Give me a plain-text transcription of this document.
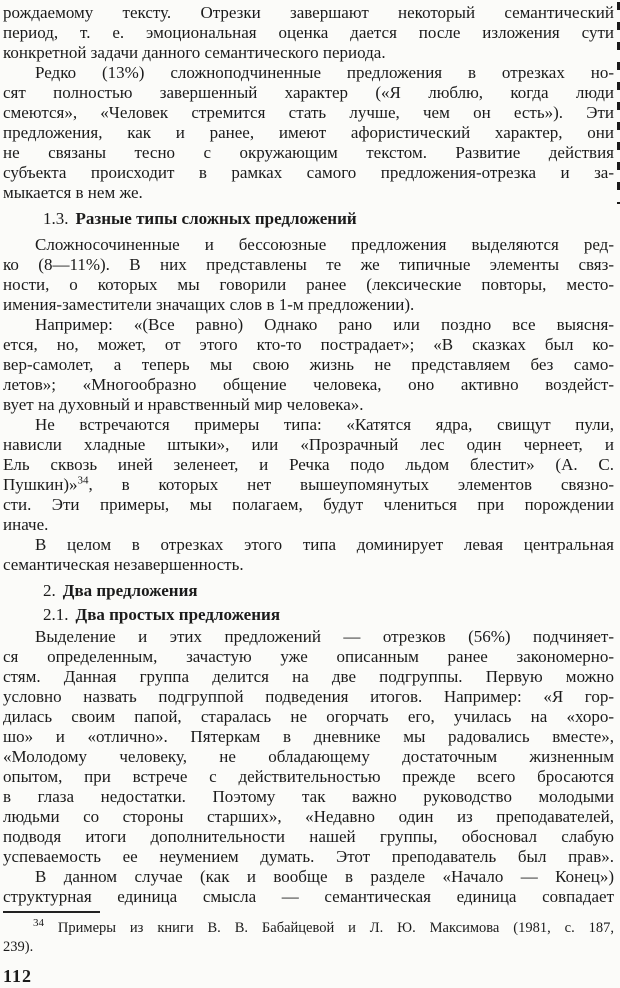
рождаемому тексту. Отрезки завершают некоторый семантический
период, т. е. эмоциональная оценка дается после изложения сути
конкретной задачи данного семантического периода.
Редко (13%) сложноподчиненные предложения в отрезках но-
сят полностью завершенный характер («Я люблю, когда люди
смеются», «Человек стремится стать лучше, чем он есть»). Эти
предложения, как и ранее, имеют афористический характер, они
не связаны тесно с окружающим текстом. Развитие действия
субъекта происходит в рамках самого предложения-отрезка и за-
мыкается в нем же.
1.3. Разные типы сложных предложений
Сложносочиненные и бессоюзные предложения выделяются ред-
ко (8—11%). В них представлены те же типичные элементы связ-
ности, о которых мы говорили ранее (лексические повторы, место-
имения-заместители значащих слов в 1-м предложении).
Например: «(Все равно) Однако рано или поздно все выясня-
ется, но, может, от этого кто-то пострадает»; «В сказках был ко-
вер-самолет, а теперь мы свою жизнь не представляем без само-
летов»; «Многообразно общение человека, оно активно воздейст-
вует на духовный и нравственный мир человека».
Не встречаются примеры типа: «Катятся ядра, свищут пули,
нависли хладные штыки», или «Прозрачный лес один чернеет, и
Ель сквозь иней зеленеет, и Речка подо льдом блестит» (А. С.
Пушкин)»$^{34}$, в которых нет вышеупомянутых элементов связно-
сти. Эти примеры, мы полагаем, будут члениться при порождении
иначе.
В целом в отрезках этого типа доминирует левая центральная
семантическая незавершенность.
2. Два предложения
2.1. Два простых предложения
Выделение и этих предложений — отрезков (56%) подчиняет-
ся определенным, зачастую уже описанным ранее закономерно-
стям. Данная группа делится на две подгруппы. Первую можно
условно назвать подгруппой подведения итогов. Например: «Я гор-
дилась своим папой, старалась не огорчать его, училась на «хоро-
шо» и «отлично». Пятеркам в дневнике мы радовались вместе»,
«Молодому человеку, не обладающему достаточным жизненным
опытом, при встрече с действительностью прежде всего бросаются
в глаза недостатки. Поэтому так важно руководство молодыми
людьми со стороны старших», «Недавно один из преподавателей,
подводя итоги дополнительности нашей группы, обосновал слабую
успеваемость ее неумением думать. Этот преподаватель был прав».
В данном случае (как и вообще в разделе «Начало — Конец»)
структурная единица смысла — семантическая единица совпадает
$^{34}$ Примеры из книги В. В. Бабайцевой и Л. Ю. Максимова (1981, с. 187,
239).
112
